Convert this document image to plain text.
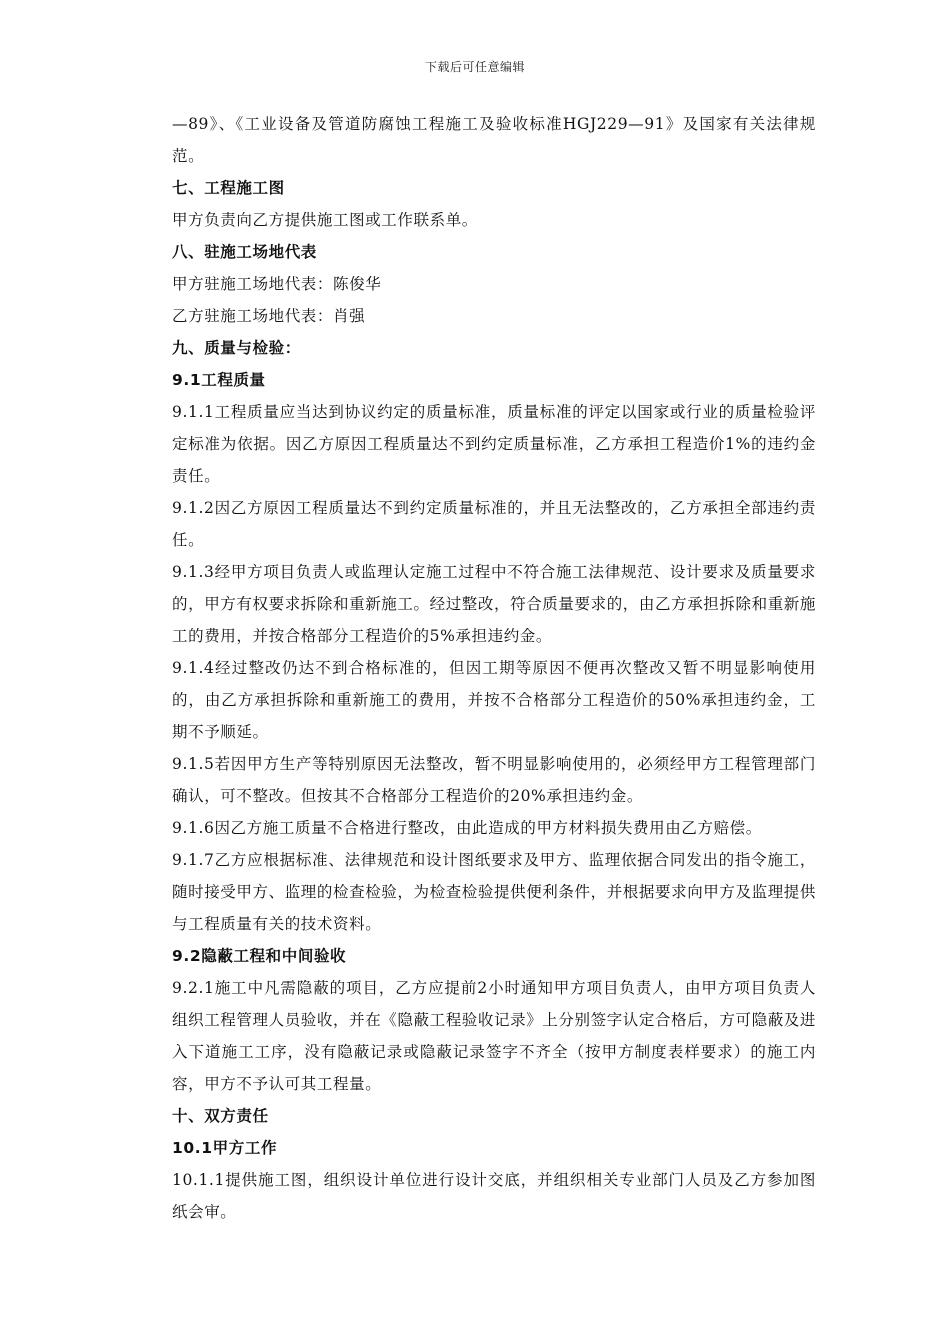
下载后可任意编辑

—89》、《工业设备及管道防腐蚀工程施工及验收标准HGJ229—91》及国家有关法律规范。

七、工程施工图

甲方负责向乙方提供施工图或工作联系单。

八、驻施工场地代表

甲方驻施工场地代表：陈俊华

乙方驻施工场地代表：肖强

九、质量与检验：

9.1工程质量

9.1.1工程质量应当达到协议约定的质量标准，质量标准的评定以国家或行业的质量检验评定标准为依据。因乙方原因工程质量达不到约定质量标准，乙方承担工程造价1%的违约金责任。

9.1.2因乙方原因工程质量达不到约定质量标准的，并且无法整改的，乙方承担全部违约责任。

9.1.3经甲方项目负责人或监理认定施工过程中不符合施工法律规范、设计要求及质量要求的，甲方有权要求拆除和重新施工。经过整改，符合质量要求的，由乙方承担拆除和重新施工的费用，并按合格部分工程造价的5%承担违约金。

9.1.4经过整改仍达不到合格标准的，但因工期等原因不便再次整改又暂不明显影响使用的，由乙方承担拆除和重新施工的费用，并按不合格部分工程造价的50%承担违约金，工期不予顺延。

9.1.5若因甲方生产等特别原因无法整改，暂不明显影响使用的，必须经甲方工程管理部门确认，可不整改。但按其不合格部分工程造价的20%承担违约金。

9.1.6因乙方施工质量不合格进行整改，由此造成的甲方材料损失费用由乙方赔偿。

9.1.7乙方应根据标准、法律规范和设计图纸要求及甲方、监理依据合同发出的指令施工，随时接受甲方、监理的检查检验，为检查检验提供便利条件，并根据要求向甲方及监理提供与工程质量有关的技术资料。

9.2隐蔽工程和中间验收

9.2.1施工中凡需隐蔽的项目，乙方应提前2小时通知甲方项目负责人，由甲方项目负责人组织工程管理人员验收，并在《隐蔽工程验收记录》上分别签字认定合格后，方可隐蔽及进入下道施工工序，没有隐蔽记录或隐蔽记录签字不齐全（按甲方制度表样要求）的施工内容，甲方不予认可其工程量。

十、双方责任

10.1甲方工作

10.1.1提供施工图，组织设计单位进行设计交底，并组织相关专业部门人员及乙方参加图纸会审。
